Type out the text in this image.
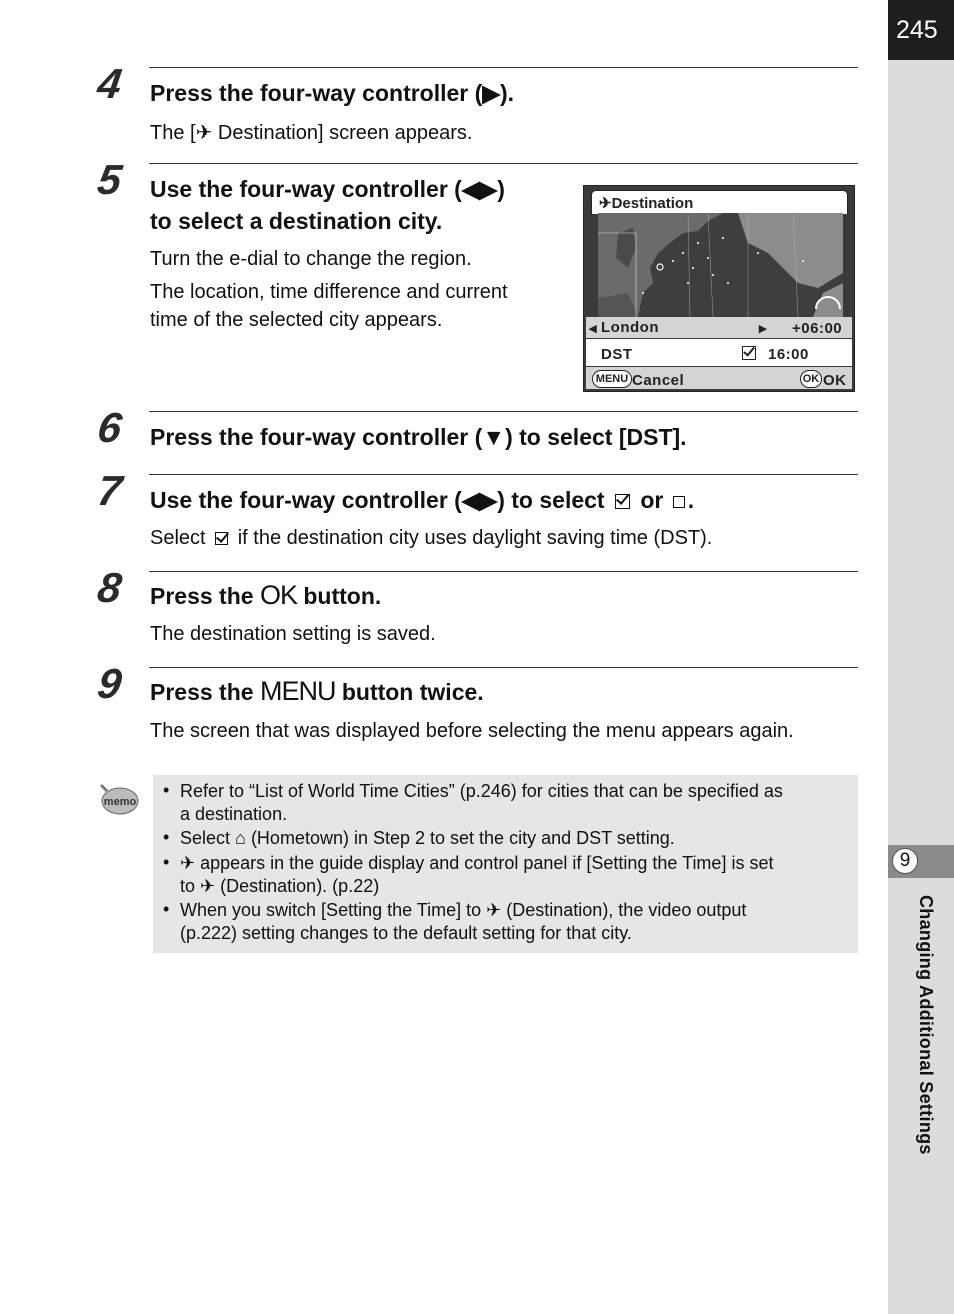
245
9
Changing Additional Settings
4 Press the four-way controller (▶).
The [✈ Destination] screen appears.
5 Use the four-way controller (◀▶)
to select a destination city.
Turn the e-dial to change the region.
The location, time difference and current
time of the selected city appears.
✈Destination
◂ London	▸ +06:00
DST	16:00
MENU Cancel	OK OK
6 Press the four-way controller (▼) to select [DST].
7 Use the four-way controller (◀▶) to select or .
Select if the destination city uses daylight saving time (DST).
8 Press the OK button.
The destination setting is saved.
9 Press the MENU button twice.
The screen that was displayed before selecting the menu appears again.
memo
• Refer to “List of World Time Cities” (p.246) for cities that can be specified as
a destination.
• Select ⌂ (Hometown) in Step 2 to set the city and DST setting.
• ✈ appears in the guide display and control panel if [Setting the Time] is set
to ✈ (Destination). (p.22)
• When you switch [Setting the Time] to ✈ (Destination), the video output
(p.222) setting changes to the default setting for that city.
